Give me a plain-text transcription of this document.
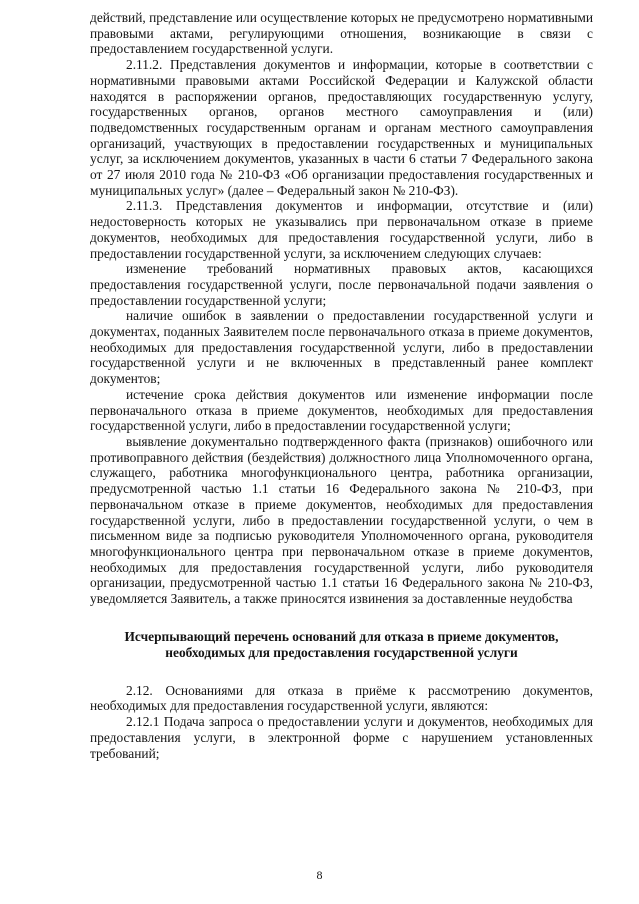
действий, представление или осуществление которых не предусмотрено нормативными правовыми актами, регулирующими отношения, возникающие в связи с предоставлением государственной услуги.

2.11.2. Представления документов и информации, которые в соответствии с нормативными правовыми актами Российской Федерации и Калужской области находятся в распоряжении органов, предоставляющих государственную услугу, государственных органов, органов местного самоуправления и (или) подведомственных государственным органам и органам местного самоуправления организаций, участвующих в предоставлении государственных и муниципальных услуг, за исключением документов, указанных в части 6 статьи 7 Федерального закона от 27 июля 2010 года № 210-ФЗ «Об организации предоставления государственных и муниципальных услуг» (далее – Федеральный закон № 210-ФЗ).

2.11.3. Представления документов и информации, отсутствие и (или) недостоверность которых не указывались при первоначальном отказе в приеме документов, необходимых для предоставления государственной услуги, либо в предоставлении государственной услуги, за исключением следующих случаев:

изменение требований нормативных правовых актов, касающихся предоставления государственной услуги, после первоначальной подачи заявления о предоставлении государственной услуги;

наличие ошибок в заявлении о предоставлении государственной услуги и документах, поданных Заявителем после первоначального отказа в приеме документов, необходимых для предоставления государственной услуги, либо в предоставлении государственной услуги и не включенных в представленный ранее комплект документов;

истечение срока действия документов или изменение информации после первоначального отказа в приеме документов, необходимых для предоставления государственной услуги, либо в предоставлении государственной услуги;

выявление документально подтвержденного факта (признаков) ошибочного или противоправного действия (бездействия) должностного лица Уполномоченного органа, служащего, работника многофункционального центра, работника организации, предусмотренной частью 1.1 статьи 16 Федерального закона № 210-ФЗ, при первоначальном отказе в приеме документов, необходимых для предоставления государственной услуги, либо в предоставлении государственной услуги, о чем в письменном виде за подписью руководителя Уполномоченного органа, руководителя многофункционального центра при первоначальном отказе в приеме документов, необходимых для предоставления государственной услуги, либо руководителя организации, предусмотренной частью 1.1 статьи 16 Федерального закона № 210-ФЗ, уведомляется Заявитель, а также приносятся извинения за доставленные неудобства

Исчерпывающий перечень оснований для отказа в приеме документов, необходимых для предоставления государственной услуги

2.12. Основаниями для отказа в приёме к рассмотрению документов, необходимых для предоставления государственной услуги, являются:

2.12.1 Подача запроса о предоставлении услуги и документов, необходимых для предоставления услуги, в электронной форме с нарушением установленных требований;

8
